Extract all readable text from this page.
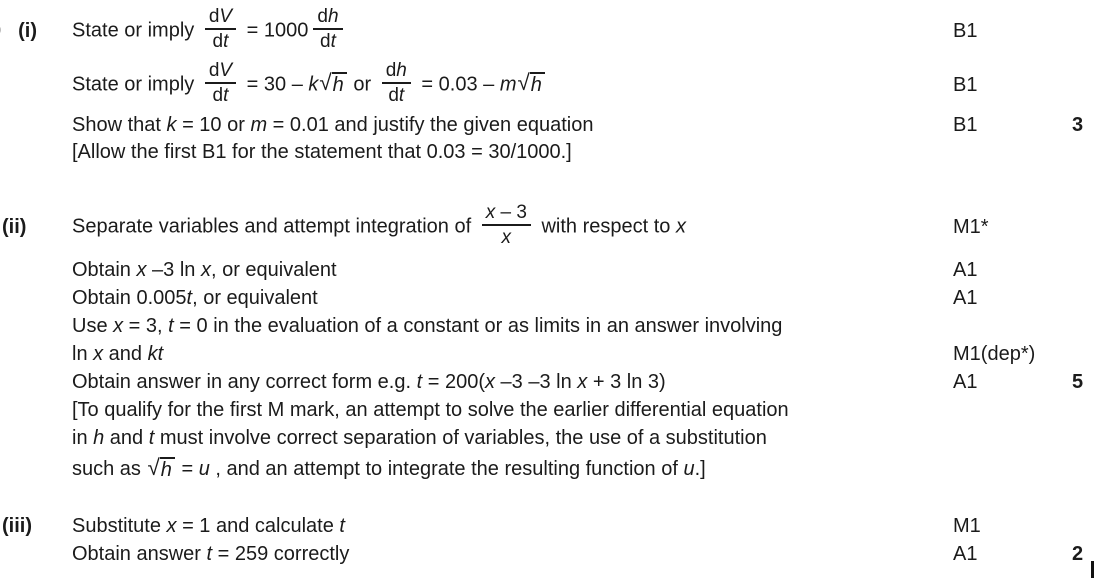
(i)	State or imply $\frac{dV}{dt} = 1000 \frac{dh}{dt}$	B1
State or imply $\frac{dV}{dt} = 30 - k$ √ h or $\frac{dh}{dt} = 0.03 - m$ √ h	B1
Show that k = 10 or m = 0.01 and justify the given equation	B1	3
[Allow the first B1 for the statement that 0.03 = 30/1000.]
(ii)	Separate variables and attempt integration of $\frac{x - 3}{x}$ with respect to x	M1*
Obtain x –3 ln x, or equivalent	A1
Obtain 0.005t, or equivalent	A1
Use x = 3, t = 0 in the evaluation of a constant or as limits in an answer involving
ln x and kt	M1(dep*)
Obtain answer in any correct form e.g. t = 200(x –3 –3 ln x + 3 ln 3)	A1	5
[To qualify for the first M mark, an attempt to solve the earlier differential equation
in h and t must involve correct separation of variables, the use of a substitution
such as √ h = u , and an attempt to integrate the resulting function of u.]
(iii)	Substitute x = 1 and calculate t	M1
Obtain answer t = 259 correctly	A1	2
